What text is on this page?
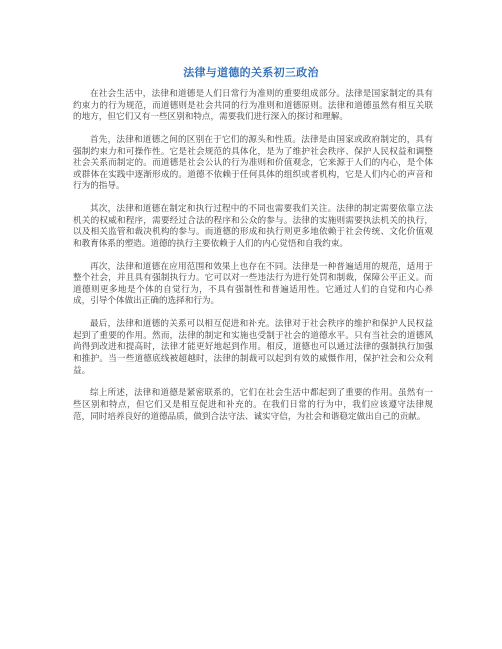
法律与道德的关系初三政治

在社会生活中，法律和道德是人们日常行为准则的重要组成部分。法律是国家制定的具有约束力的行为规范，而道德则是社会共同的行为准则和道德原则。法律和道德虽然有相互关联的地方，但它们又有一些区别和特点，需要我们进行深入的探讨和理解。

首先，法律和道德之间的区别在于它们的源头和性质。法律是由国家或政府制定的，具有强制约束力和可操作性。它是社会规范的具体化，是为了维护社会秩序、保护人民权益和调整社会关系而制定的。而道德是社会公认的行为准则和价值观念，它来源于人们的内心，是个体或群体在实践中逐渐形成的。道德不依赖于任何具体的组织或者机构，它是人们内心的声音和行为的指导。

其次，法律和道德在制定和执行过程中的不同也需要我们关注。法律的制定需要依靠立法机关的权威和程序，需要经过合法的程序和公众的参与。法律的实施则需要执法机关的执行，以及相关监管和裁决机构的参与。而道德的形成和执行则更多地依赖于社会传统、文化价值观和教育体系的塑造。道德的执行主要依赖于人们的内心觉悟和自我约束。

再次，法律和道德在应用范围和效果上也存在不同。法律是一种普遍适用的规范，适用于整个社会，并且具有强制执行力。它可以对一些违法行为进行处罚和制裁，保障公平正义。而道德则更多地是个体的自觉行为，不具有强制性和普遍适用性。它通过人们的自觉和内心养成，引导个体做出正确的选择和行为。

最后，法律和道德的关系可以相互促进和补充。法律对于社会秩序的维护和保护人民权益起到了重要的作用。然而，法律的制定和实施也受制于社会的道德水平。只有当社会的道德风尚得到改进和提高时，法律才能更好地起到作用。相反，道德也可以通过法律的强制执行加强和推护。当一些道德底线被超越时，法律的制裁可以起到有效的威慑作用，保护社会和公众利益。

综上所述，法律和道德是紧密联系的，它们在社会生活中都起到了重要的作用。虽然有一些区别和特点，但它们又是相互促进和补充的。在我们日常的行为中，我们应该遵守法律规范，同时培养良好的道德品质，做到合法守法、诚实守信，为社会和谐稳定做出自己的贡献。
